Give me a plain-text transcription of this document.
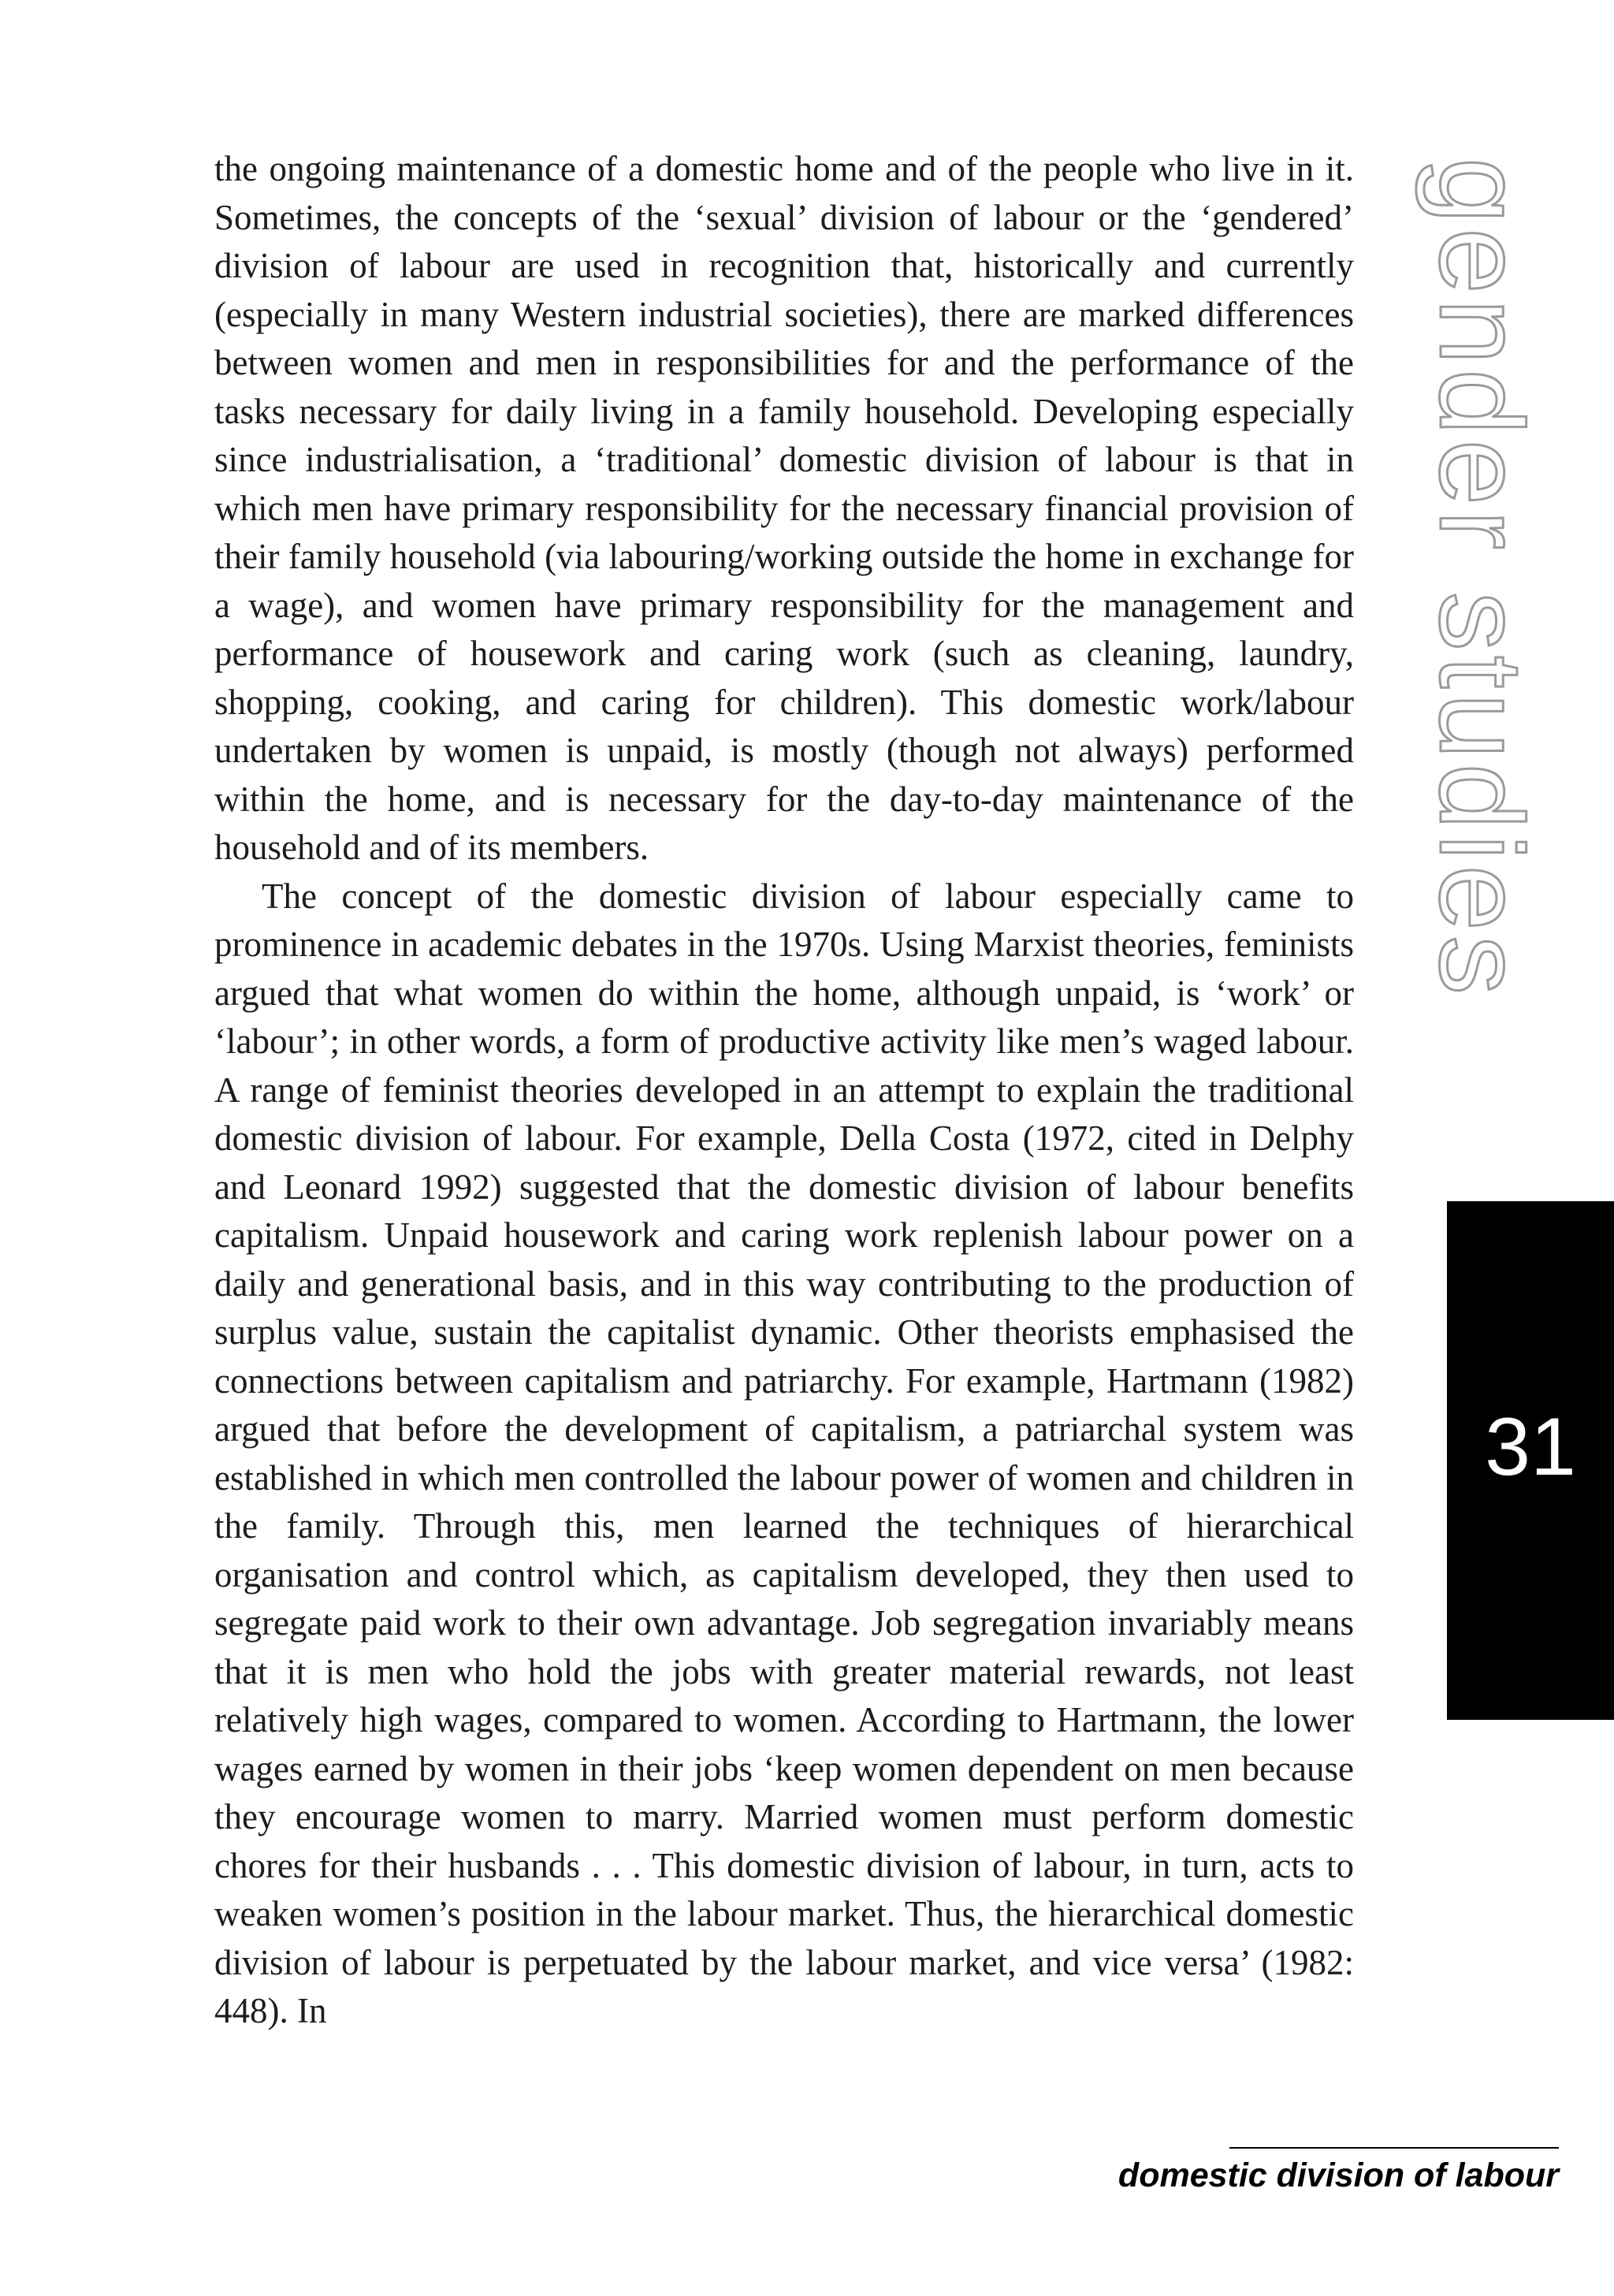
the ongoing maintenance of a domestic home and of the people who live in it. Sometimes, the concepts of the ‘sexual’ division of labour or the ‘gendered’ division of labour are used in recognition that, historically and currently (especially in many Western industrial societies), there are marked differences between women and men in responsibilities for and the performance of the tasks necessary for daily living in a family household. Developing especially since industrialisation, a ‘traditional’ domestic division of labour is that in which men have primary responsibility for the necessary financial provision of their family household (via labouring/working outside the home in exchange for a wage), and women have primary responsibility for the management and performance of housework and caring work (such as cleaning, laundry, shopping, cooking, and caring for children). This domestic work/labour undertaken by women is unpaid, is mostly (though not always) performed within the home, and is necessary for the day-to-day maintenance of the household and of its members.

The concept of the domestic division of labour especially came to prominence in academic debates in the 1970s. Using Marxist theories, feminists argued that what women do within the home, although unpaid, is ‘work’ or ‘labour’; in other words, a form of productive activity like men’s waged labour. A range of feminist theories developed in an attempt to explain the traditional domestic division of labour. For example, Della Costa (1972, cited in Delphy and Leonard 1992) suggested that the domestic division of labour benefits capitalism. Unpaid housework and caring work replenish labour power on a daily and generational basis, and in this way contributing to the production of surplus value, sustain the capitalist dynamic. Other theorists emphasised the connections between capitalism and patriarchy. For example, Hartmann (1982) argued that before the development of capitalism, a patriarchal system was established in which men controlled the labour power of women and children in the family. Through this, men learned the techniques of hierarchical organisation and control which, as capitalism developed, they then used to segregate paid work to their own advantage. Job segregation invariably means that it is men who hold the jobs with greater material rewards, not least relatively high wages, compared to women. According to Hartmann, the lower wages earned by women in their jobs ‘keep women dependent on men because they encourage women to marry. Married women must perform domestic chores for their husbands . . . This domestic division of labour, in turn, acts to weaken women’s position in the labour market. Thus, the hierarchical domestic division of labour is perpetuated by the labour market, and vice versa’ (1982: 448). In

gender studies
31
domestic division of labour
